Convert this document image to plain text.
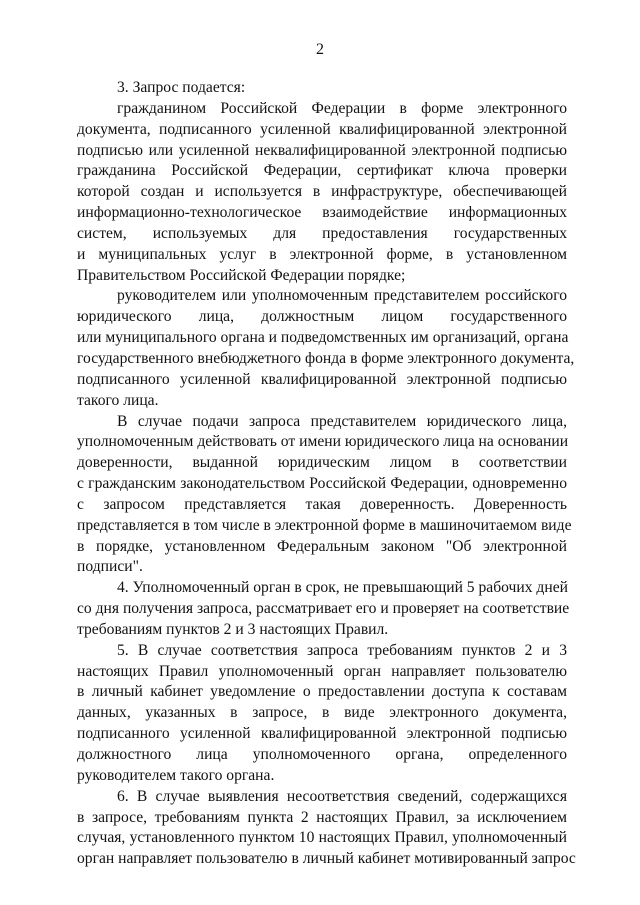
2
3. Запрос подается:
гражданином Российской Федерации в форме электронного
документа, подписанного усиленной квалифицированной электронной
подписью или усиленной неквалифицированной электронной подписью
гражданина Российской Федерации, сертификат ключа проверки
которой создан и используется в инфраструктуре, обеспечивающей
информационно-технологическое взаимодействие информационных
систем, используемых для предоставления государственных
и муниципальных услуг в электронной форме, в установленном
Правительством Российской Федерации порядке;
руководителем или уполномоченным представителем российского
юридического лица, должностным лицом государственного
или муниципального органа и подведомственных им организаций, органа
государственного внебюджетного фонда в форме электронного документа,
подписанного усиленной квалифицированной электронной подписью
такого лица.
В случае подачи запроса представителем юридического лица,
уполномоченным действовать от имени юридического лица на основании
доверенности, выданной юридическим лицом в соответствии
с гражданским законодательством Российской Федерации, одновременно
с запросом представляется такая доверенность. Доверенность
представляется в том числе в электронной форме в машиночитаемом виде
в порядке, установленном Федеральным законом "Об электронной
подписи".
4. Уполномоченный орган в срок, не превышающий 5 рабочих дней
со дня получения запроса, рассматривает его и проверяет на соответствие
требованиям пунктов 2 и 3 настоящих Правил.
5. В случае соответствия запроса требованиям пунктов 2 и 3
настоящих Правил уполномоченный орган направляет пользователю
в личный кабинет уведомление о предоставлении доступа к составам
данных, указанных в запросе, в виде электронного документа,
подписанного усиленной квалифицированной электронной подписью
должностного лица уполномоченного органа, определенного
руководителем такого органа.
6. В случае выявления несоответствия сведений, содержащихся
в запросе, требованиям пункта 2 настоящих Правил, за исключением
случая, установленного пунктом 10 настоящих Правил, уполномоченный
орган направляет пользователю в личный кабинет мотивированный запрос
